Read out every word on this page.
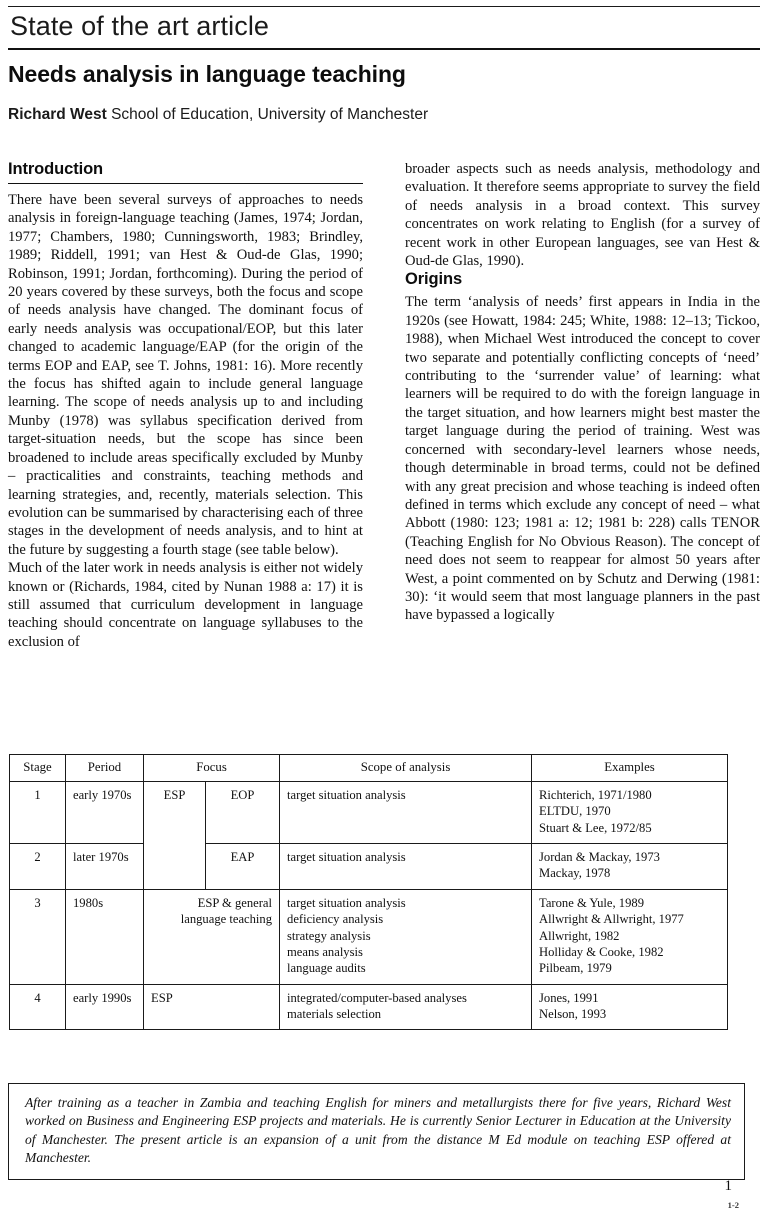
State of the art article
Needs analysis in language teaching
Richard West School of Education, University of Manchester
Introduction

There have been several surveys of approaches to needs analysis in foreign-language teaching (James, 1974; Jordan, 1977; Chambers, 1980; Cunningsworth, 1983; Brindley, 1989; Riddell, 1991; van Hest & Oud-de Glas, 1990; Robinson, 1991; Jordan, forthcoming). During the period of 20 years covered by these surveys, both the focus and scope of needs analysis have changed. The dominant focus of early needs analysis was occupational/EOP, but this later changed to academic language/EAP (for the origin of the terms EOP and EAP, see T. Johns, 1981: 16). More recently the focus has shifted again to include general language learning. The scope of needs analysis up to and including Munby (1978) was syllabus specification derived from target-situation needs, but the scope has since been broadened to include areas specifically excluded by Munby – practicalities and constraints, teaching methods and learning strategies, and, recently, materials selection. This evolution can be summarised by characterising each of three stages in the development of needs analysis, and to hint at the future by suggesting a fourth stage (see table below).

Much of the later work in needs analysis is either not widely known or (Richards, 1984, cited by Nunan 1988 a: 17) it is still assumed that curriculum development in language teaching should concentrate on language syllabuses to the exclusion of

broader aspects such as needs analysis, methodology and evaluation. It therefore seems appropriate to survey the field of needs analysis in a broad context. This survey concentrates on work relating to English (for a survey of recent work in other European languages, see van Hest & Oud-de Glas, 1990).

Origins

The term ‘analysis of needs’ first appears in India in the 1920s (see Howatt, 1984: 245; White, 1988: 12–13; Tickoo, 1988), when Michael West introduced the concept to cover two separate and potentially conflicting concepts of ‘need’ contributing to the ‘surrender value’ of learning: what learners will be required to do with the foreign language in the target situation, and how learners might best master the target language during the period of training. West was concerned with secondary-level learners whose needs, though determinable in broad terms, could not be defined with any great precision and whose teaching is indeed often defined in terms which exclude any concept of need – what Abbott (1980: 123; 1981 a: 12; 1981 b: 228) calls TENOR (Teaching English for No Obvious Reason). The concept of need does not seem to reappear for almost 50 years after West, a point commented on by Schutz and Derwing (1981: 30): ‘it would seem that most language planners in the past have bypassed a logically

Stage	Period	Focus		Scope of analysis	Examples
1	early 1970s	ESP	EOP	target situation analysis	Richterich, 1971/1980
ELTDU, 1970
Stuart & Lee, 1972/85

2	later 1970s		EAP	target situation analysis	Jordan & Mackay, 1973
Mackay, 1978

3	1980s	ESP & general language teaching		target situation analysis
deficiency analysis
strategy analysis
means analysis
language audits	Tarone & Yule, 1989
Allwright & Allwright, 1977
Allwright, 1982
Holliday & Cooke, 1982
Pilbeam, 1979

4	early 1990s	ESP		integrated/computer-based analyses
materials selection	Jones, 1991
Nelson, 1993
After training as a teacher in Zambia and teaching English for miners and metallurgists there for five years, Richard West worked on Business and Engineering ESP projects and materials. He is currently Senior Lecturer in Education at the University of Manchester. The present article is an expansion of a unit from the distance M Ed module on teaching ESP offered at Manchester.
1
1-2
